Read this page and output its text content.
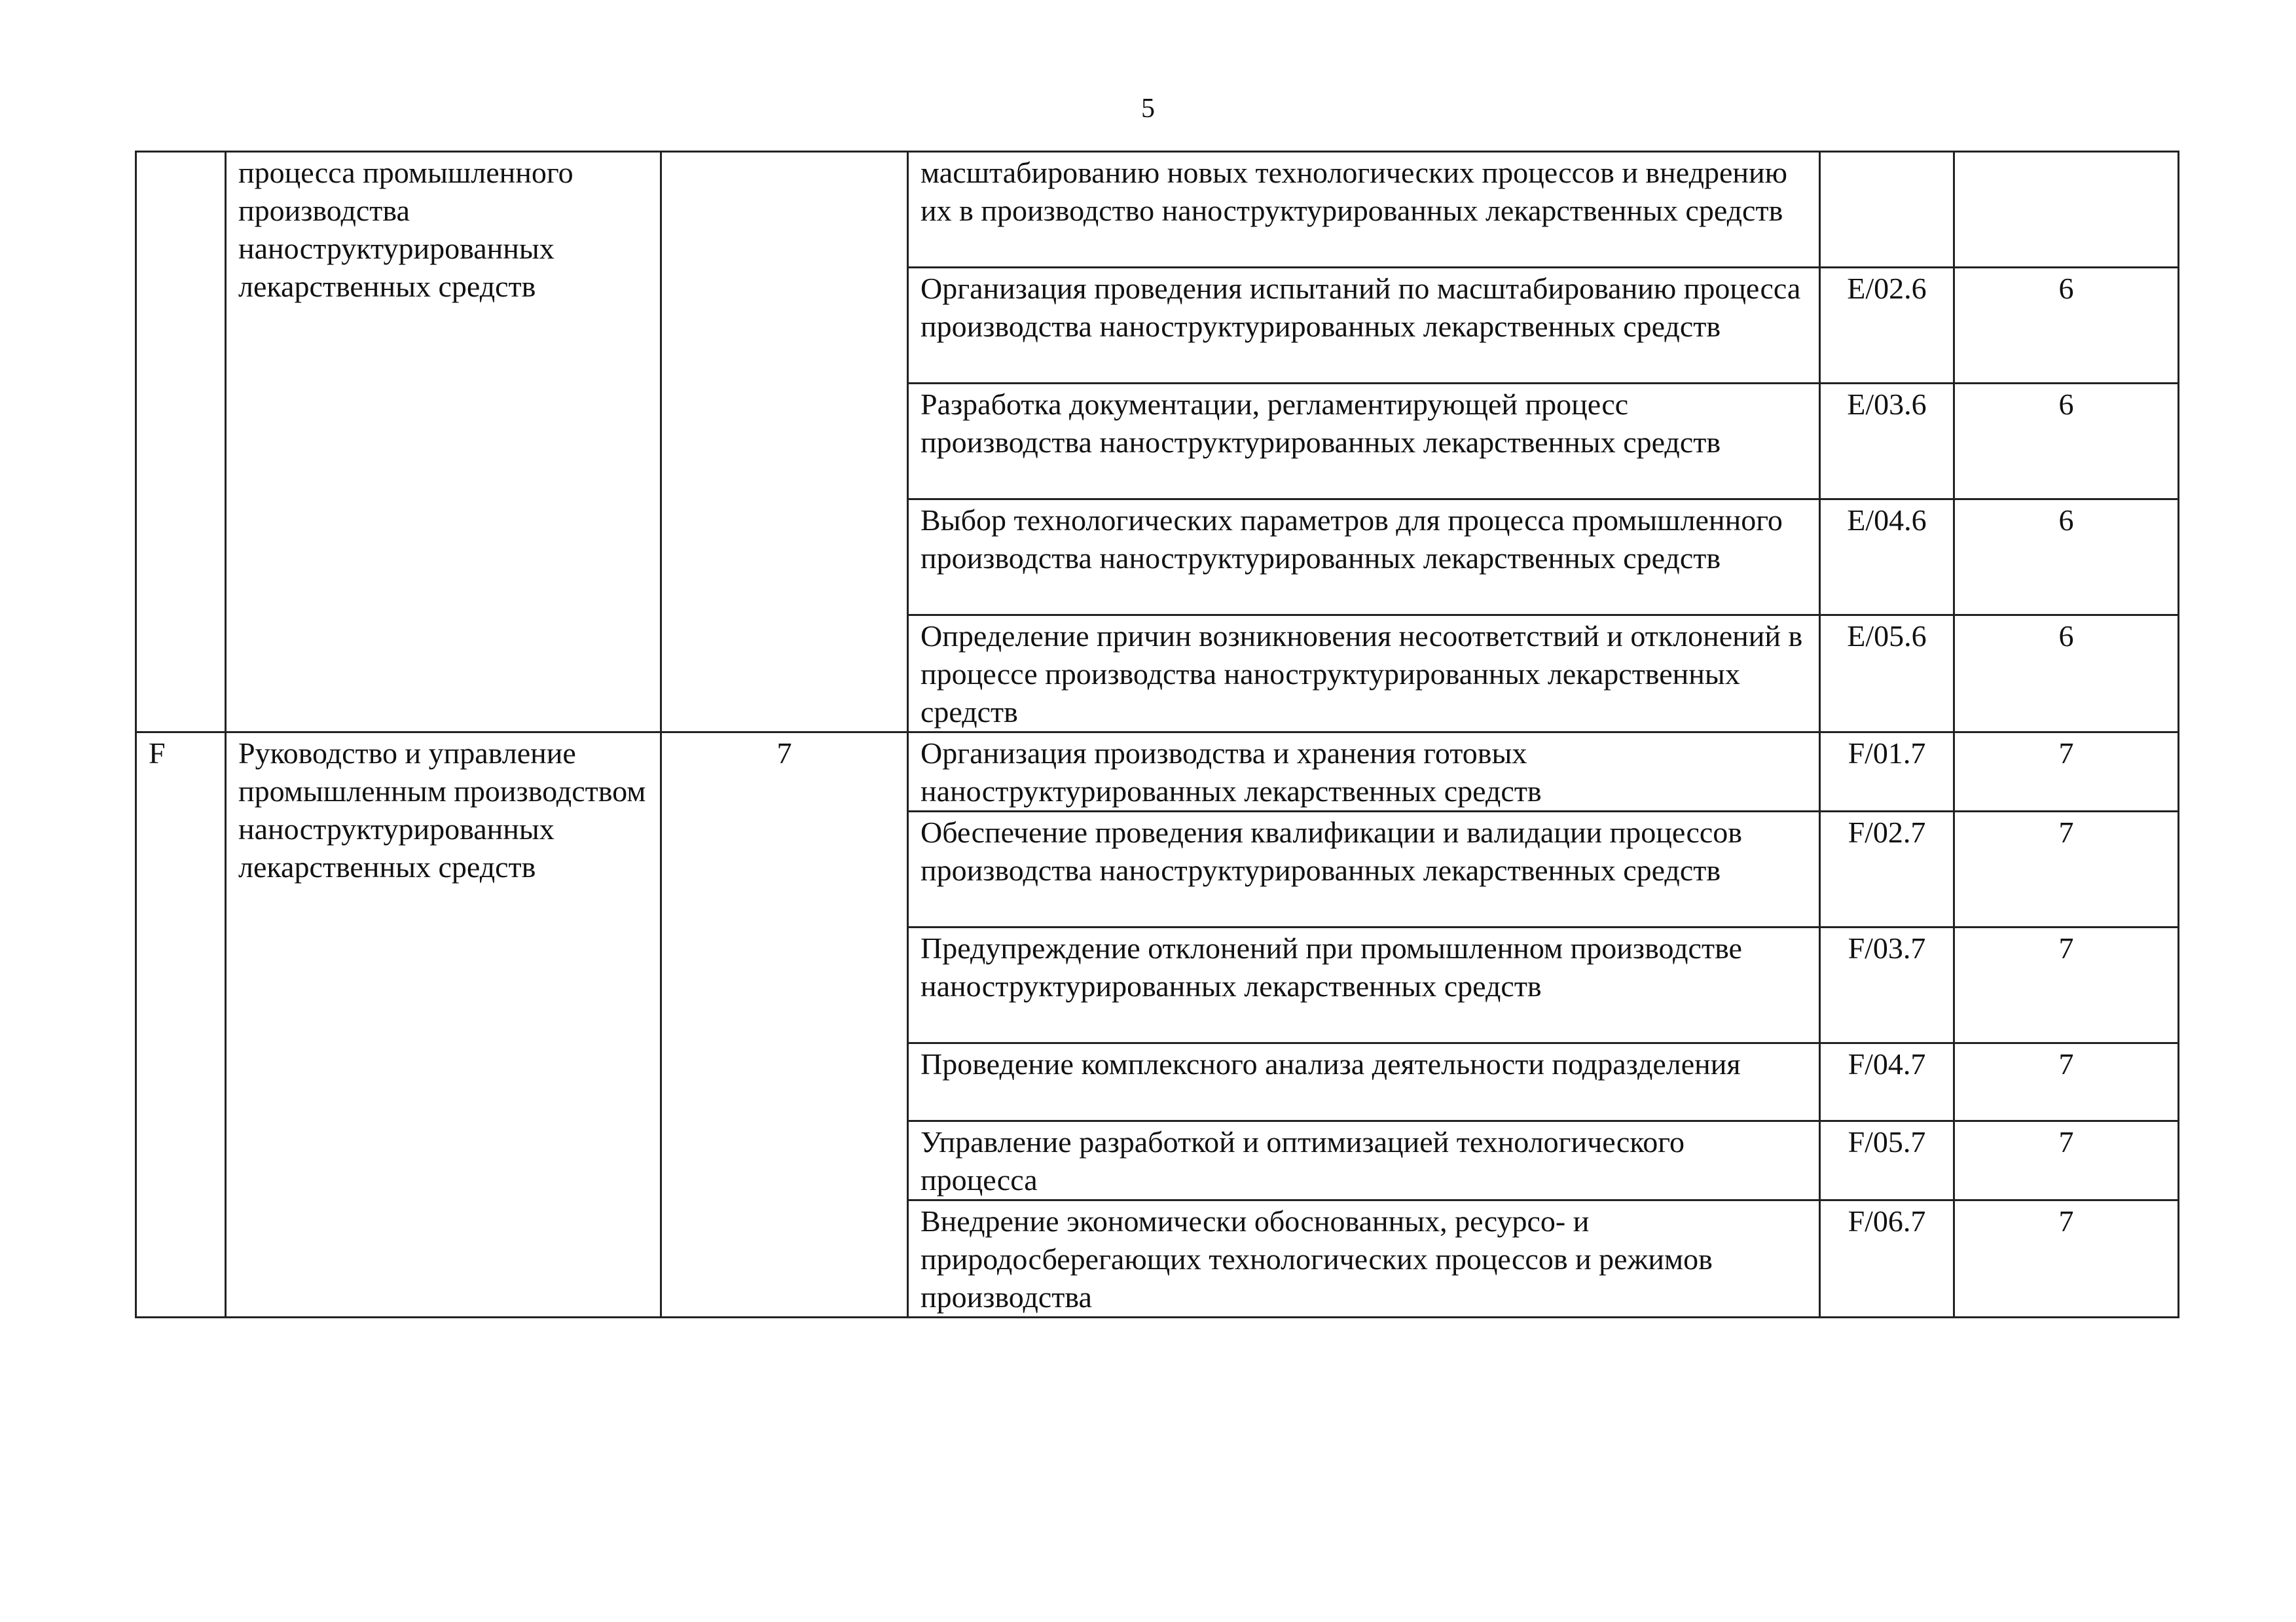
5
	процесса промышленного производства наноструктурированных лекарственных средств		масштабированию новых технологических процессов и внедрению их в производство наноструктурированных лекарственных средств		
			Организация проведения испытаний по масштабированию процесса производства наноструктурированных лекарственных средств	E/02.6	6
			Разработка документации, регламентирующей процесс производства наноструктурированных лекарственных средств	E/03.6	6
			Выбор технологических параметров для процесса промышленного производства наноструктурированных лекарственных средств	E/04.6	6
			Определение причин возникновения несоответствий и отклонений в процессе производства наноструктурированных лекарственных средств	E/05.6	6
F	Руководство и управление промышленным производством наноструктурированных лекарственных средств	7	Организация производства и хранения готовых наноструктурированных лекарственных средств	F/01.7	7
			Обеспечение проведения квалификации и валидации процессов производства наноструктурированных лекарственных средств	F/02.7	7
			Предупреждение отклонений при промышленном производстве наноструктурированных лекарственных средств	F/03.7	7
			Проведение комплексного анализа деятельности подразделения	F/04.7	7
			Управление разработкой и оптимизацией технологического процесса	F/05.7	7
			Внедрение экономически обоснованных, ресурсо- и природосберегающих технологических процессов и режимов производства	F/06.7	7
